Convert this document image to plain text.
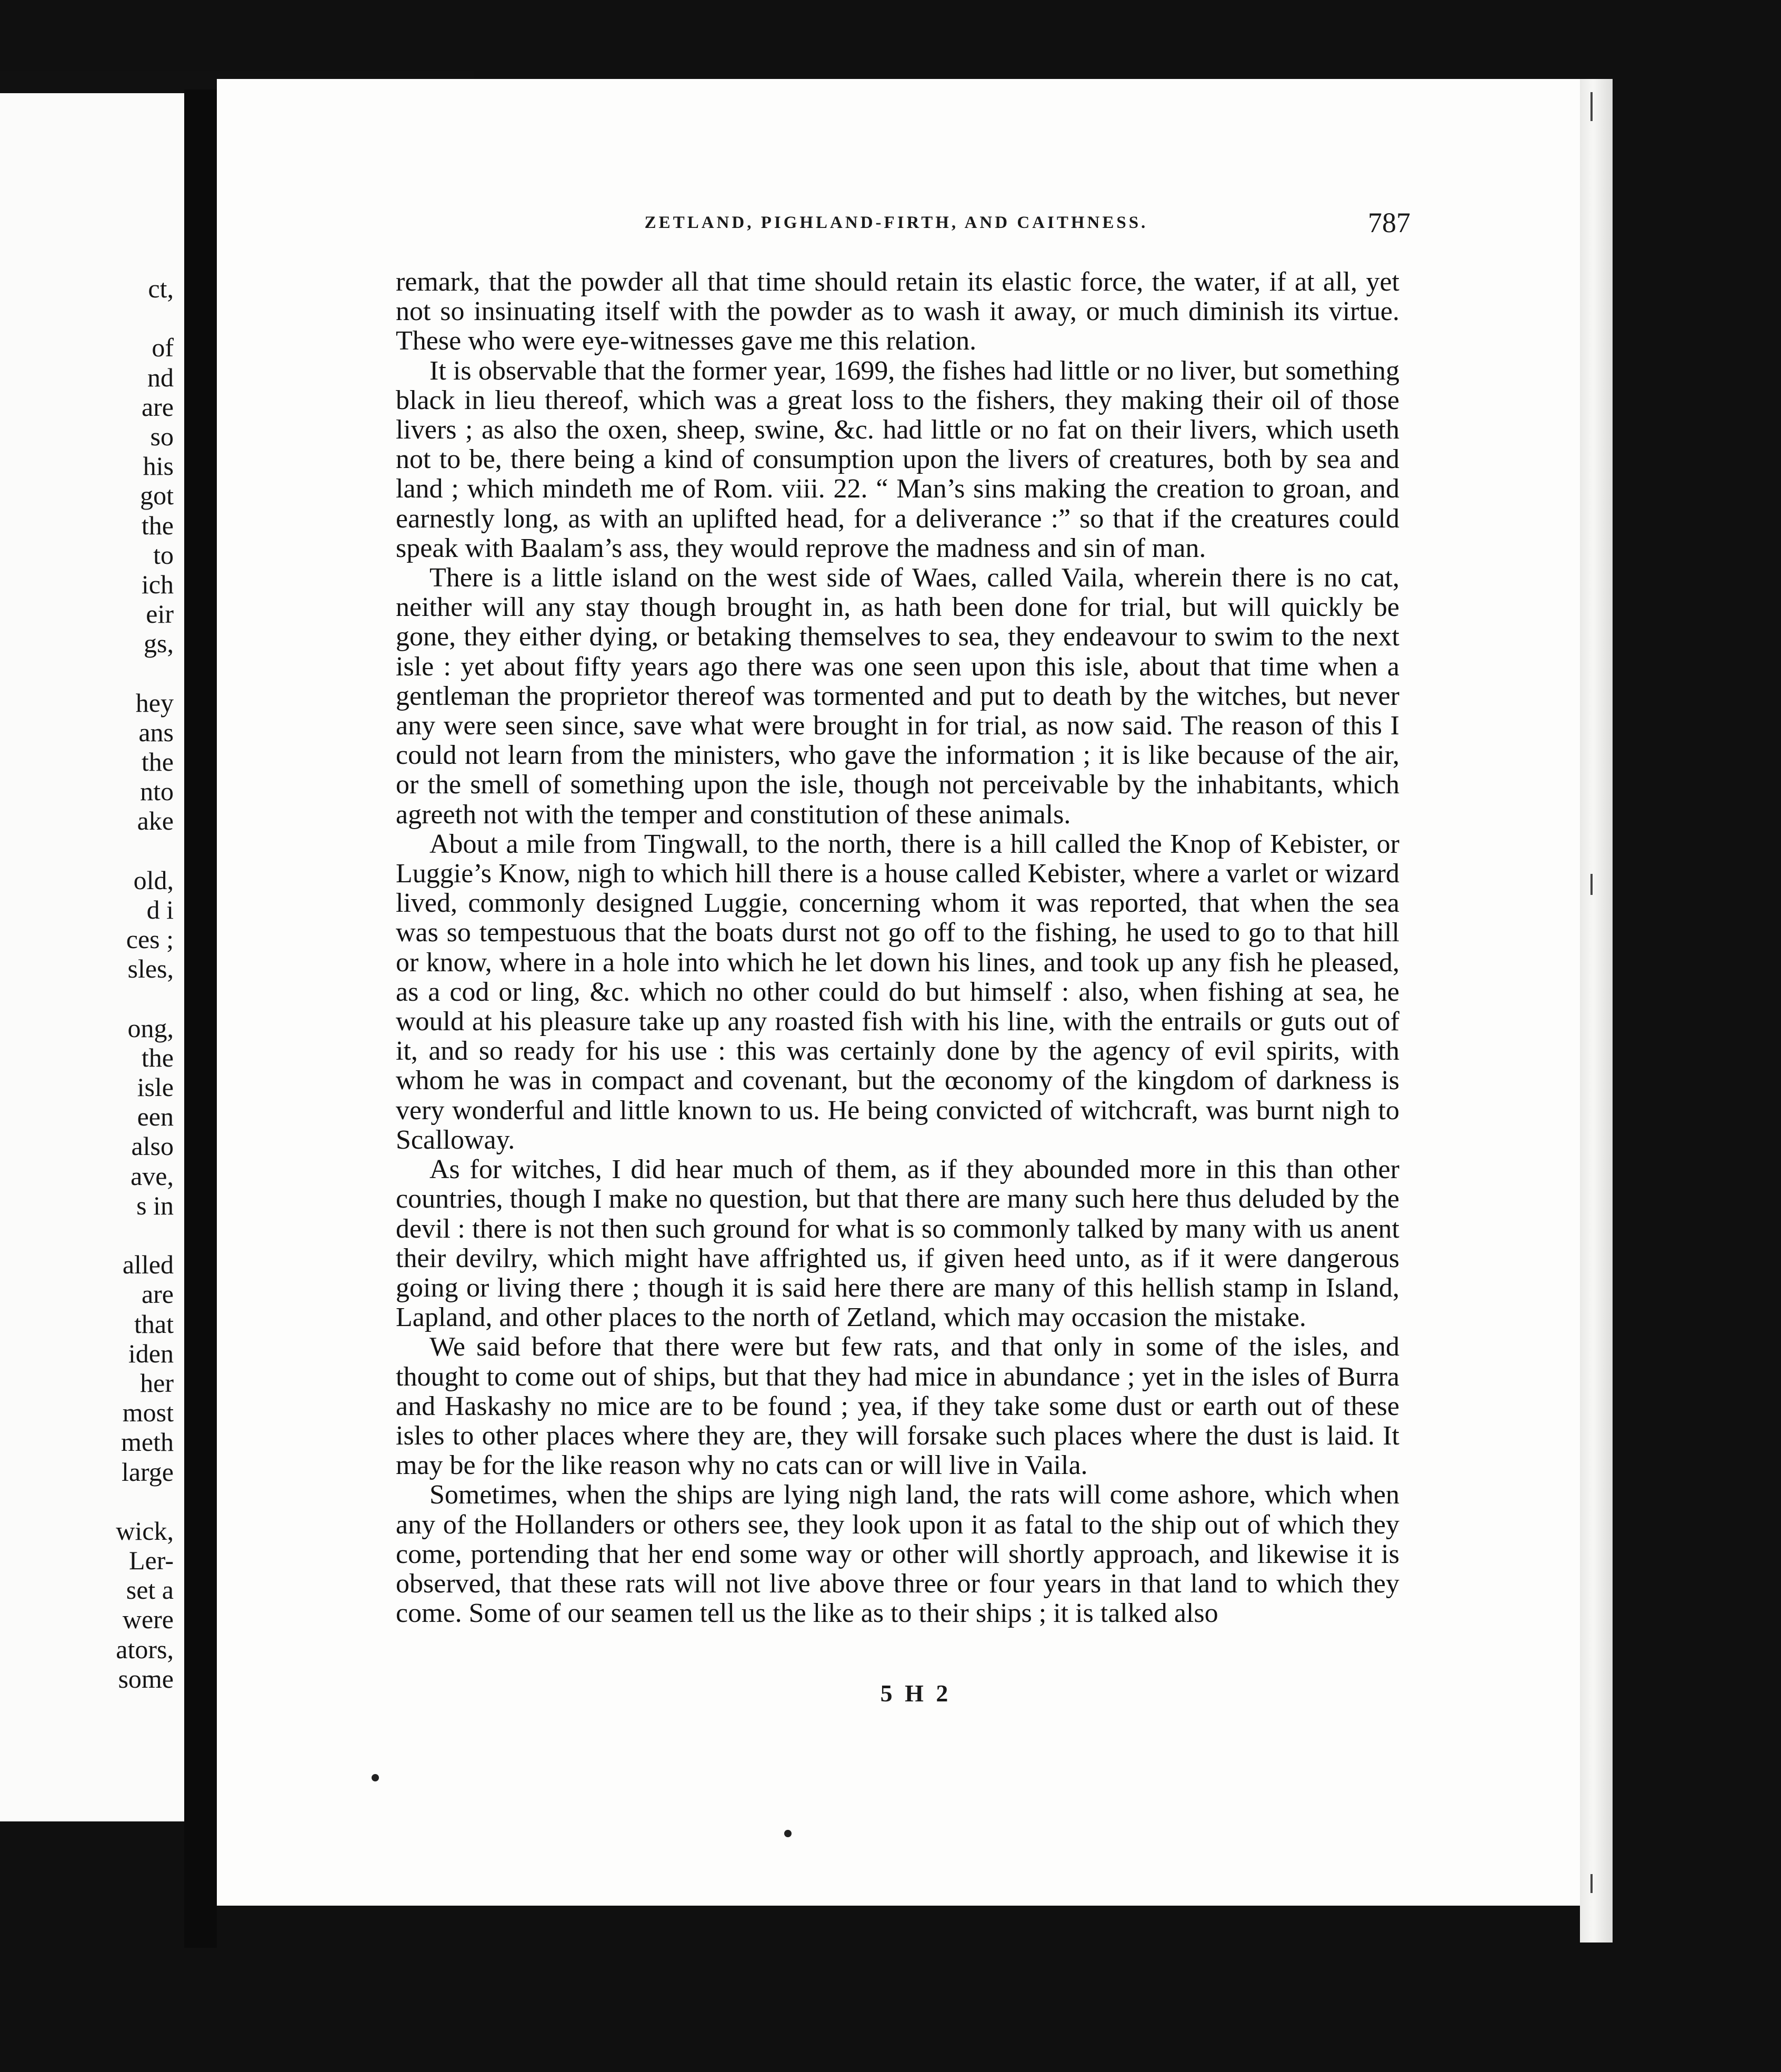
ct,
of
nd
are
so
his
got
the
to
ich
eir
gs,
hey
ans
the
nto
ake
old,
d i
ces ;
sles,
ong,
the
isle
een
also
ave,
s in
alled
are
that
iden
her
most
meth
large
wick,
Ler-
set a
were
ators,
some
ZETLAND, PIGHLAND-FIRTH, AND CAITHNESS.	787

remark, that the powder all that time should retain its elastic force, the water, if at all, yet not so insinuating itself with the powder as to wash it away, or much diminish its virtue. These who were eye-witnesses gave me this relation.

It is observable that the former year, 1699, the fishes had little or no liver, but something black in lieu thereof, which was a great loss to the fishers, they making their oil of those livers ; as also the oxen, sheep, swine, &c. had little or no fat on their livers, which useth not to be, there being a kind of consumption upon the livers of creatures, both by sea and land ; which mindeth me of Rom. viii. 22. “ Man’s sins making the creation to groan, and earnestly long, as with an uplifted head, for a deliverance :” so that if the creatures could speak with Baalam’s ass, they would reprove the madness and sin of man.

There is a little island on the west side of Waes, called Vaila, wherein there is no cat, neither will any stay though brought in, as hath been done for trial, but will quickly be gone, they either dying, or betaking themselves to sea, they endeavour to swim to the next isle : yet about fifty years ago there was one seen upon this isle, about that time when a gentleman the proprietor thereof was tormented and put to death by the witches, but never any were seen since, save what were brought in for trial, as now said. The reason of this I could not learn from the ministers, who gave the information ; it is like because of the air, or the smell of something upon the isle, though not perceivable by the inhabitants, which agreeth not with the temper and constitution of these animals.

About a mile from Tingwall, to the north, there is a hill called the Knop of Kebister, or Luggie’s Know, nigh to which hill there is a house called Kebister, where a varlet or wizard lived, commonly designed Luggie, concerning whom it was reported, that when the sea was so tempestuous that the boats durst not go off to the fishing, he used to go to that hill or know, where in a hole into which he let down his lines, and took up any fish he pleased, as a cod or ling, &c. which no other could do but himself : also, when fishing at sea, he would at his pleasure take up any roasted fish with his line, with the entrails or guts out of it, and so ready for his use : this was certainly done by the agency of evil spirits, with whom he was in compact and covenant, but the œconomy of the kingdom of darkness is very wonderful and little known to us. He being convicted of witchcraft, was burnt nigh to Scalloway.

As for witches, I did hear much of them, as if they abounded more in this than other countries, though I make no question, but that there are many such here thus deluded by the devil : there is not then such ground for what is so commonly talked by many with us anent their devilry, which might have affrighted us, if given heed unto, as if it were dangerous going or living there ; though it is said here there are many of this hellish stamp in Island, Lapland, and other places to the north of Zetland, which may occasion the mistake.

We said before that there were but few rats, and that only in some of the isles, and thought to come out of ships, but that they had mice in abundance ; yet in the isles of Burra and Haskashy no mice are to be found ; yea, if they take some dust or earth out of these isles to other places where they are, they will forsake such places where the dust is laid. It may be for the like reason why no cats can or will live in Vaila.

Sometimes, when the ships are lying nigh land, the rats will come ashore, which when any of the Hollanders or others see, they look upon it as fatal to the ship out of which they come, portending that her end some way or other will shortly approach, and likewise it is observed, that these rats will not live above three or four years in that land to which they come. Some of our seamen tell us the like as to their ships ; it is talked also

5 H 2
